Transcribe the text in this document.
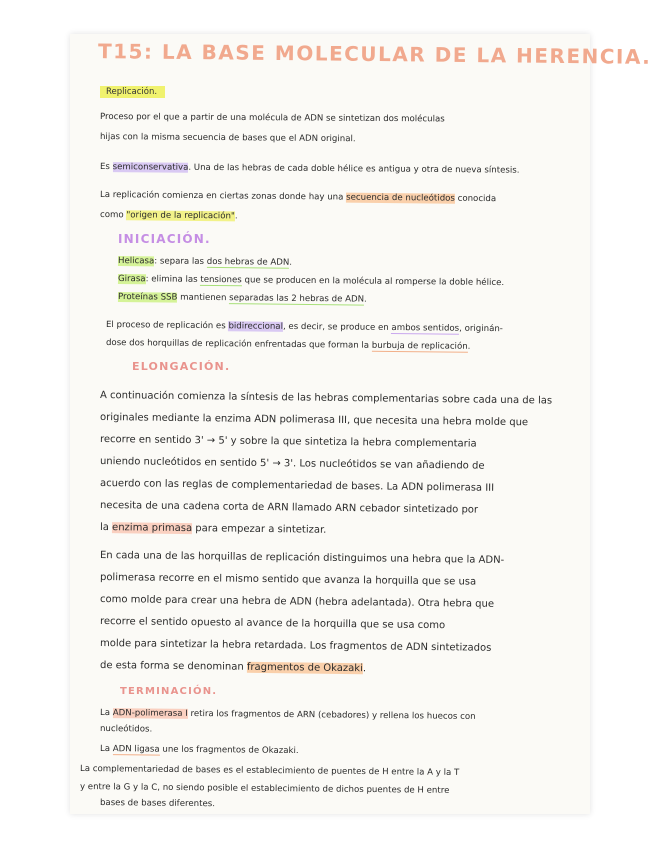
T15: LA BASE MOLECULAR DE LA HERENCIA.
Replicación.
Proceso por el que a partir de una molécula de ADN se sintetizan dos moléculas
hijas con la misma secuencia de bases que el ADN original.
Es semiconservativa. Una de las hebras de cada doble hélice es antigua y otra de nueva síntesis.
La replicación comienza en ciertas zonas donde hay una secuencia de nucleótidos conocida
como "origen de la replicación".
INICIACIÓN.
Helicasa: separa las dos hebras de ADN.
Girasa: elimina las tensiones que se producen en la molécula al romperse la doble hélice.
Proteínas SSB mantienen separadas las 2 hebras de ADN.
El proceso de replicación es bidireccional, es decir, se produce en ambos sentidos, originán-
dose dos horquillas de replicación enfrentadas que forman la burbuja de replicación.
ELONGACIÓN.
A continuación comienza la síntesis de las hebras complementarias sobre cada una de las
originales mediante la enzima ADN polimerasa III, que necesita una hebra molde que
recorre en sentido 3' → 5' y sobre la que sintetiza la hebra complementaria
uniendo nucleótidos en sentido 5' → 3'. Los nucleótidos se van añadiendo de
acuerdo con las reglas de complementariedad de bases. La ADN polimerasa III
necesita de una cadena corta de ARN llamado ARN cebador sintetizado por
la enzima primasa para empezar a sintetizar.
En cada una de las horquillas de replicación distinguimos una hebra que la ADN-
polimerasa recorre en el mismo sentido que avanza la horquilla que se usa
como molde para crear una hebra de ADN (hebra adelantada). Otra hebra que
recorre el sentido opuesto al avance de la horquilla que se usa como
molde para sintetizar la hebra retardada. Los fragmentos de ADN sintetizados
de esta forma se denominan fragmentos de Okazaki.
TERMINACIÓN.
La ADN-polimerasa I retira los fragmentos de ARN (cebadores) y rellena los huecos con
nucleótidos.
La ADN ligasa une los fragmentos de Okazaki.
La complementariedad de bases es el establecimiento de puentes de H entre la A y la T
y entre la G y la C, no siendo posible el establecimiento de dichos puentes de H entre
bases de bases diferentes.
